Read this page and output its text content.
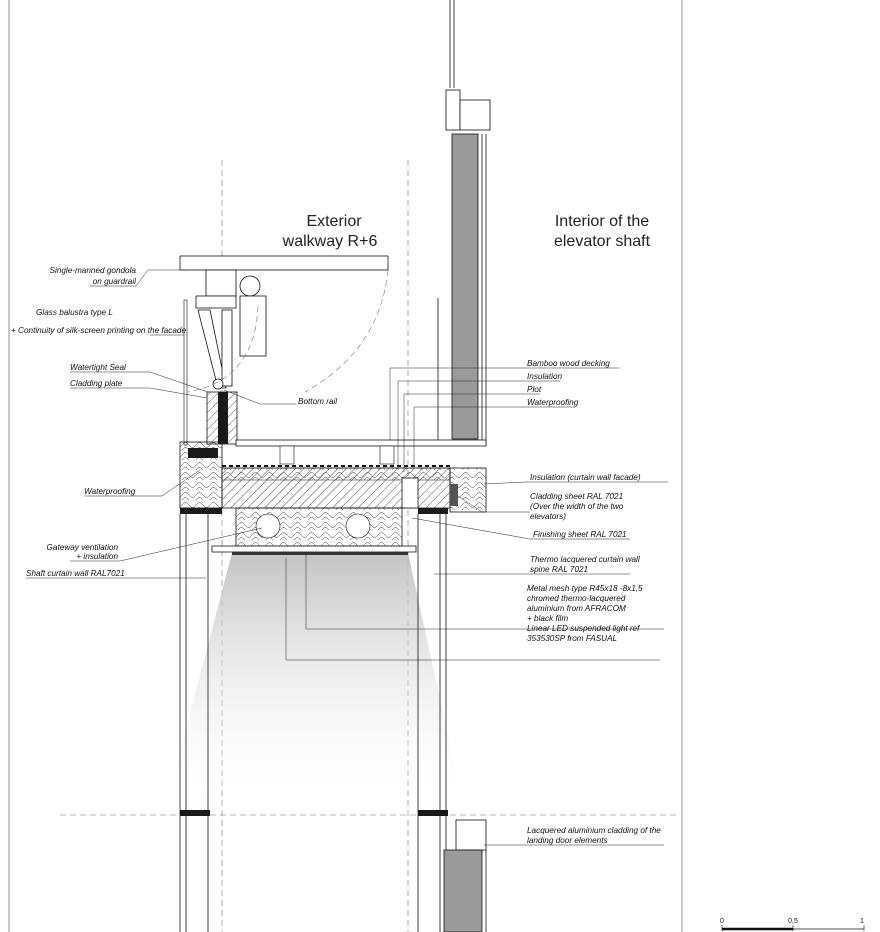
Exterior
walkway R+6
Interior of the
elevator shaft
Single-manned gondola
on guardrail
Glass balustra type L
+ Continuity of silk-screen printing on the facade
Watertight Seal
Cladding plate
Bottom rail
Waterproofing
Gateway ventilation
+ insulation
Shaft curtain wall RAL7021
Bamboo wood decking
Insulation
Plot
Waterproofing
Insulation (curtain wall facade)
Cladding sheet RAL 7021
(Over the width of the two
elevators)
Finishing sheet RAL 7021
Thermo lacquered curtain wall
spine RAL 7021
Metal mesh type R45x18 -8x1,5
chromed thermo-lacquered
aluminium from AFRACOM
+ black film
Linear LED suspended light ref
353530SP from FASUAL
Lacquered aluminium cladding of the
landing door elements
0	0,5	1
